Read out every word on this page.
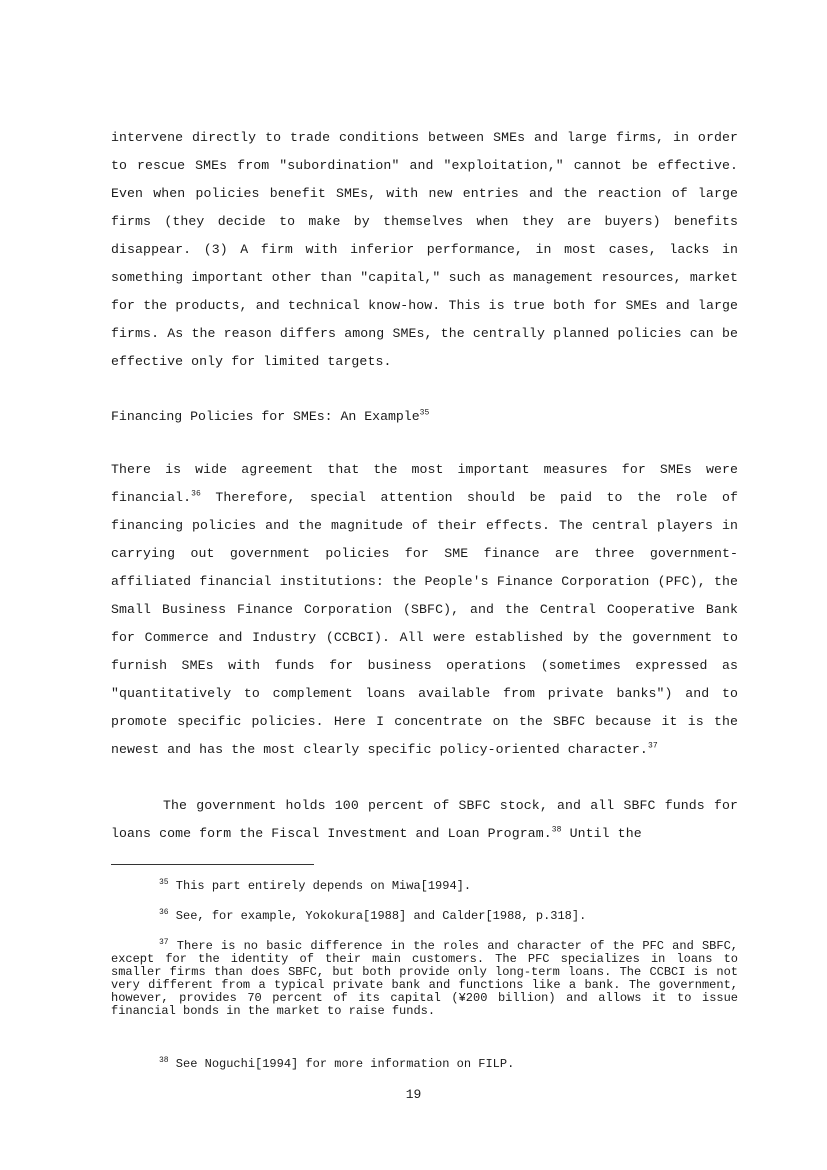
intervene directly to trade conditions between SMEs and large firms, in order to rescue SMEs from "subordination" and "exploitation," cannot be effective. Even when policies benefit SMEs, with new entries and the reaction of large firms (they decide to make by themselves when they are buyers) benefits disappear. (3) A firm with inferior performance, in most cases, lacks in something important other than "capital," such as management resources, market for the products, and technical know-how. This is true both for SMEs and large firms. As the reason differs among SMEs, the centrally planned policies can be effective only for limited targets.

Financing Policies for SMEs: An Example$^{35}$

There is wide agreement that the most important measures for SMEs were financial.$^{36}$ Therefore, special attention should be paid to the role of financing policies and the magnitude of their effects. The central players in carrying out government policies for SME finance are three government-affiliated financial institutions: the People's Finance Corporation (PFC), the Small Business Finance Corporation (SBFC), and the Central Cooperative Bank for Commerce and Industry (CCBCI). All were established by the government to furnish SMEs with funds for business operations (sometimes expressed as "quantitatively to complement loans available from private banks") and to promote specific policies. Here I concentrate on the SBFC because it is the newest and has the most clearly specific policy-oriented character.$^{37}$

The government holds 100 percent of SBFC stock, and all SBFC funds for loans come form the Fiscal Investment and Loan Program.$^{38}$ Until the

$^{35}$ This part entirely depends on Miwa[1994].

$^{36}$ See, for example, Yokokura[1988] and Calder[1988, p.318].

$^{37}$ There is no basic difference in the roles and character of the PFC and SBFC, except for the identity of their main customers. The PFC specializes in loans to smaller firms than does SBFC, but both provide only long-term loans. The CCBCI is not very different from a typical private bank and functions like a bank. The government, however, provides 70 percent of its capital (¥200 billion) and allows it to issue financial bonds in the market to raise funds.

$^{38}$ See Noguchi[1994] for more information on FILP.

19
